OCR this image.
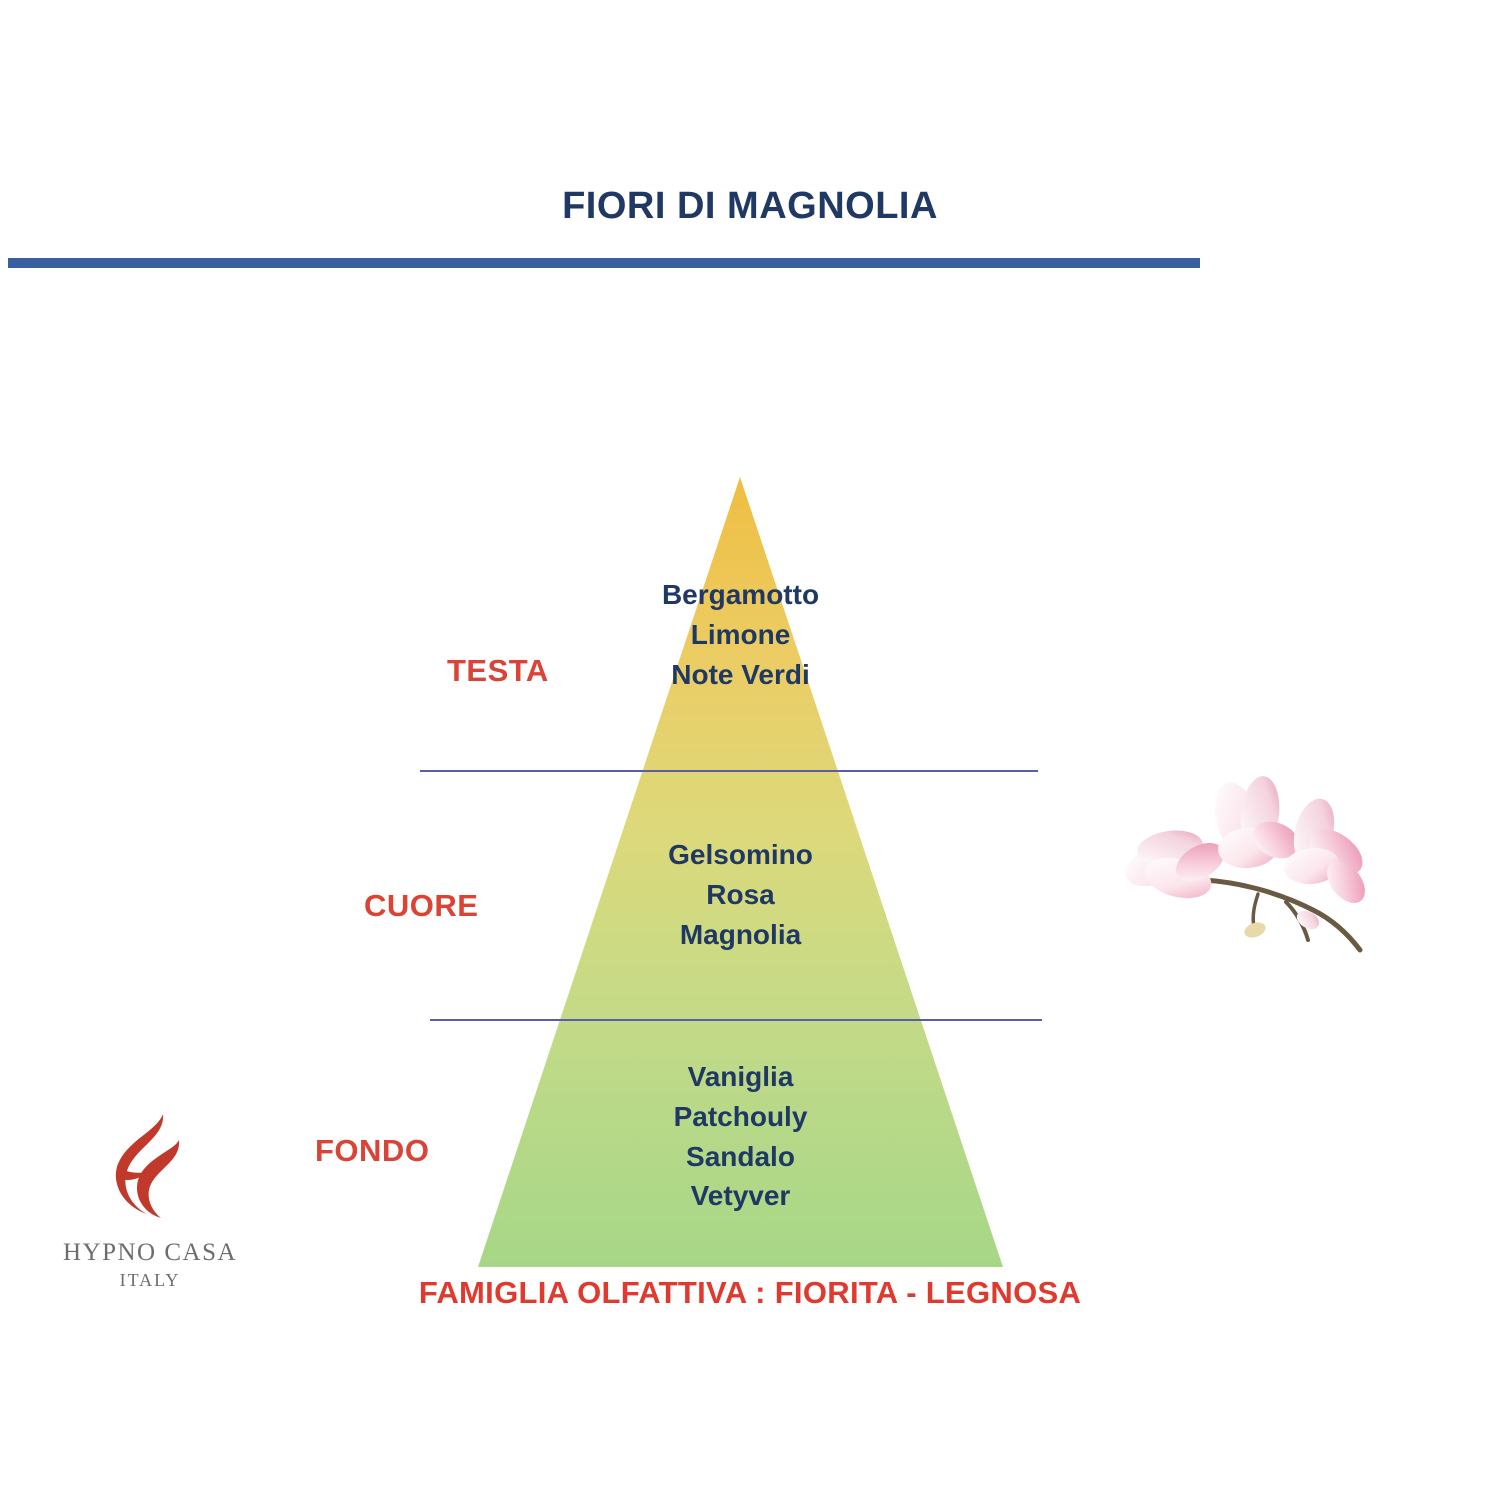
FIORI DI MAGNOLIA
TESTA
CUORE
FONDO
Bergamotto
Limone
Note Verdi
Gelsomino
Rosa
Magnolia
Vaniglia
Patchouly
Sandalo
Vetyver
FAMIGLIA OLFATTIVA : FIORITA - LEGNOSA
HYPNO CASA
ITALY
